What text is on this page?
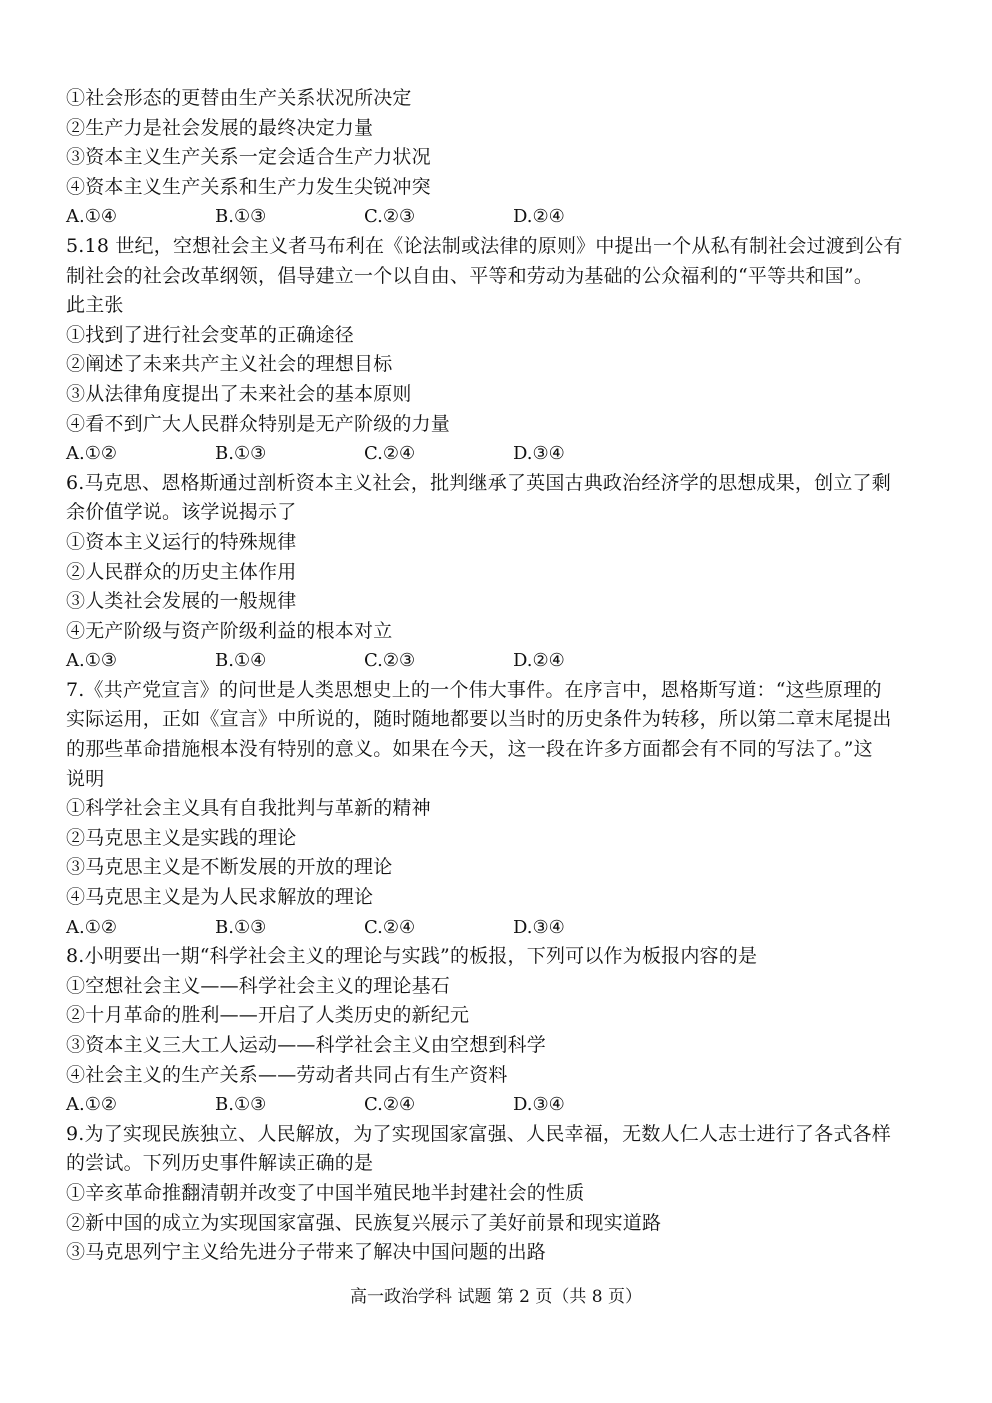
①社会形态的更替由生产关系状况所决定
②生产力是社会发展的最终决定力量
③资本主义生产关系一定会适合生产力状况
④资本主义生产关系和生产力发生尖锐冲突
A.①④	B.①③	C.②③	D.②④
5.18 世纪，空想社会主义者马布利在《论法制或法律的原则》中提出一个从私有制社会过渡到公有
制社会的社会改革纲领，倡导建立一个以自由、平等和劳动为基础的公众福利的“平等共和国”。
此主张
①找到了进行社会变革的正确途径
②阐述了未来共产主义社会的理想目标
③从法律角度提出了未来社会的基本原则
④看不到广大人民群众特别是无产阶级的力量
A.①②	B.①③	C.②④	D.③④
6.马克思、恩格斯通过剖析资本主义社会，批判继承了英国古典政治经济学的思想成果，创立了剩
余价值学说。该学说揭示了
①资本主义运行的特殊规律
②人民群众的历史主体作用
③人类社会发展的一般规律
④无产阶级与资产阶级利益的根本对立
A.①③	B.①④	C.②③	D.②④
7.《共产党宣言》的问世是人类思想史上的一个伟大事件。在序言中，恩格斯写道：“这些原理的
实际运用，正如《宣言》中所说的，随时随地都要以当时的历史条件为转移，所以第二章末尾提出
的那些革命措施根本没有特别的意义。如果在今天，这一段在许多方面都会有不同的写法了。”这
说明
①科学社会主义具有自我批判与革新的精神
②马克思主义是实践的理论
③马克思主义是不断发展的开放的理论
④马克思主义是为人民求解放的理论
A.①②	B.①③	C.②④	D.③④
8.小明要出一期“科学社会主义的理论与实践”的板报，下列可以作为板报内容的是
①空想社会主义——科学社会主义的理论基石
②十月革命的胜利——开启了人类历史的新纪元
③资本主义三大工人运动——科学社会主义由空想到科学
④社会主义的生产关系——劳动者共同占有生产资料
A.①②	B.①③	C.②④	D.③④
9.为了实现民族独立、人民解放，为了实现国家富强、人民幸福，无数人仁人志士进行了各式各样
的尝试。下列历史事件解读正确的是
①辛亥革命推翻清朝并改变了中国半殖民地半封建社会的性质
②新中国的成立为实现国家富强、民族复兴展示了美好前景和现实道路
③马克思列宁主义给先进分子带来了解决中国问题的出路
高一政治学科 试题 第 2 页（共 8 页）
